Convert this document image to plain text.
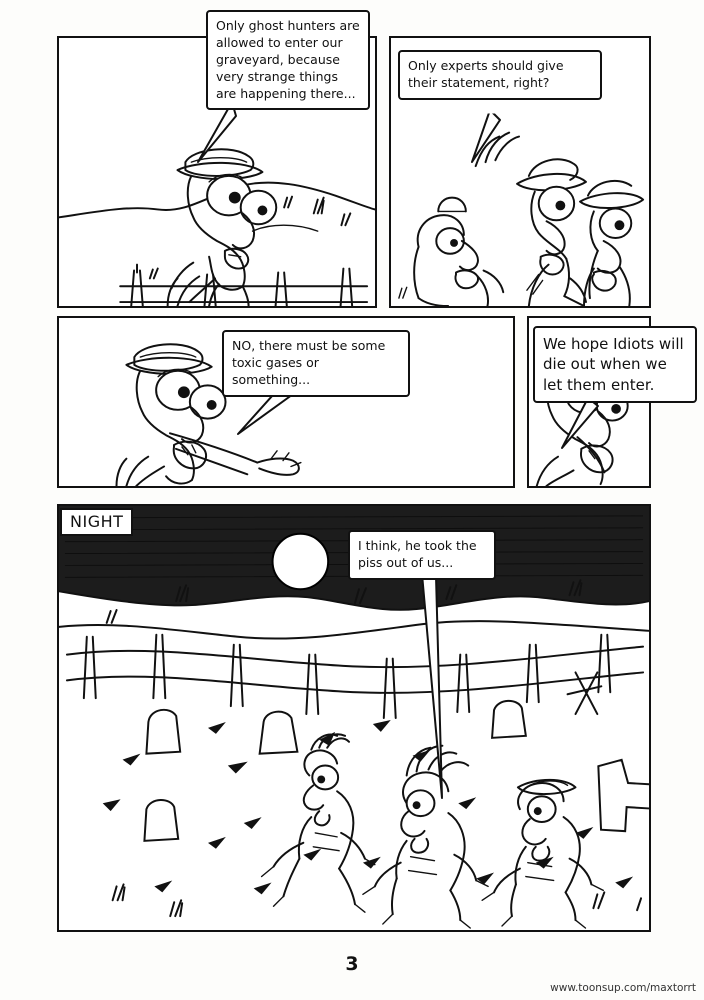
Only ghost hunters are allowed to enter our graveyard, because very strange things are happening there...
Only experts should give their statement, right?
NO, there must be some toxic gases or something...
We hope Idiots will die out when we let them enter.
NIGHT
I think, he took the piss out of us...
3
www.toonsup.com/maxtorrt
